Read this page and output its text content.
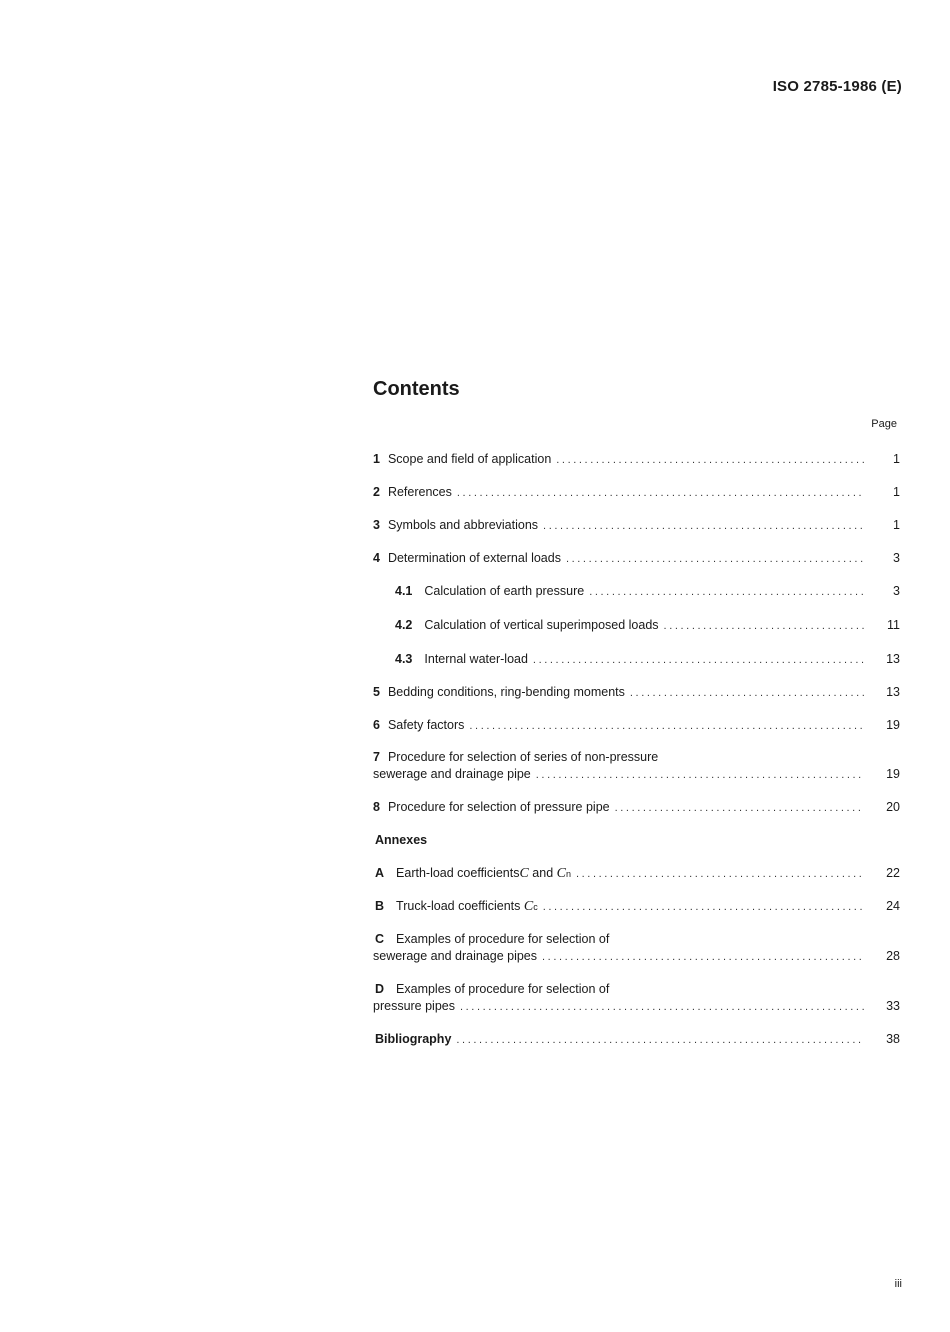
ISO 2785-1986 (E)
Contents
Page
1 Scope and field of application .....	1
2 References .....	1
3 Symbols and abbreviations .....	1
4 Determination of external loads .....	3
4.1 Calculation of earth pressure .....	3
4.2 Calculation of vertical superimposed loads .....	11
4.3 Internal water-load .....	13
5 Bedding conditions, ring-bending moments .....	13
6 Safety factors .....	19
7 Procedure for selection of series of non-pressure
sewerage and drainage pipe .....	19
8 Procedure for selection of pressure pipe .....	20
Annexes
A Earth-load coefficients C and C n .....	22
B Truck-load coefficients C c .....	24
C Examples of procedure for selection of
sewerage and drainage pipes .....	28
D Examples of procedure for selection of
pressure pipes .....	33
Bibliography .....	38
iii
